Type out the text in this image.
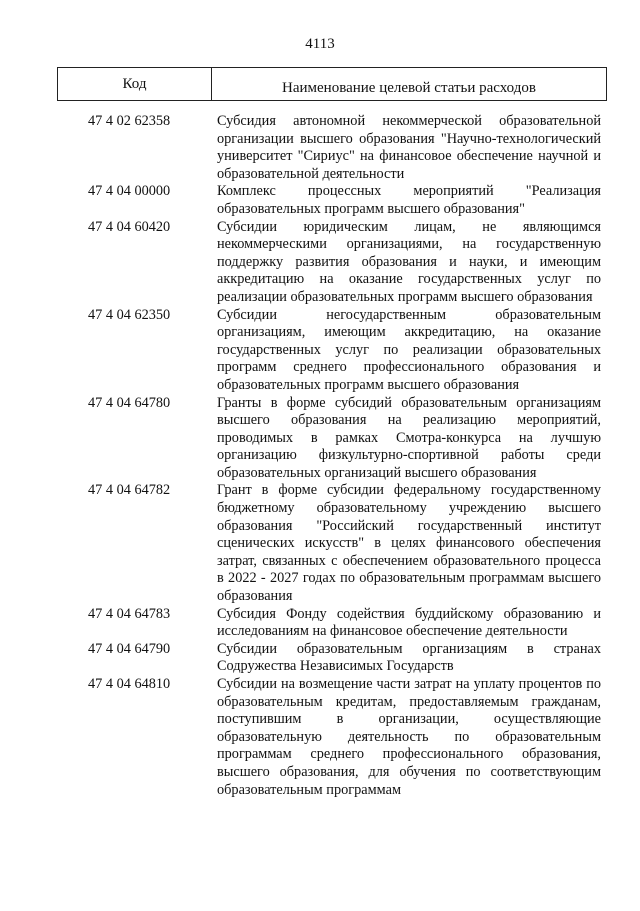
4113
Код	Наименование целевой статьи расходов
47 4 02 62358	Субсидия автономной некоммерческой образовательной организации высшего образования "Научно-технологический университет "Сириус" на финансовое обеспечение научной и образовательной деятельности
47 4 04 00000	Комплекс процессных мероприятий "Реализация образовательных программ высшего образования"
47 4 04 60420	Субсидии юридическим лицам, не являющимся некоммерческими организациями, на государственную поддержку развития образования и науки, и имеющим аккредитацию на оказание государственных услуг по реализации образовательных программ высшего образования
47 4 04 62350	Субсидии негосударственным образовательным организациям, имеющим аккредитацию, на оказание государственных услуг по реализации образовательных программ среднего профессионального образования и образовательных программ высшего образования
47 4 04 64780	Гранты в форме субсидий образовательным организациям высшего образования на реализацию мероприятий, проводимых в рамках Смотра-конкурса на лучшую организацию физкультурно-спортивной работы среди образовательных организаций высшего образования
47 4 04 64782	Грант в форме субсидии федеральному государственному бюджетному образовательному учреждению высшего образования "Российский государственный институт сценических искусств" в целях финансового обеспечения затрат, связанных с обеспечением образовательного процесса в 2022 - 2027 годах по образовательным программам высшего образования
47 4 04 64783	Субсидия Фонду содействия буддийскому образованию и исследованиям на финансовое обеспечение деятельности
47 4 04 64790	Субсидии образовательным организациям в странах Содружества Независимых Государств
47 4 04 64810	Субсидии на возмещение части затрат на уплату процентов по образовательным кредитам, предоставляемым гражданам, поступившим в организации, осуществляющие образовательную деятельность по образовательным программам среднего профессионального образования, высшего образования, для обучения по соответствующим образовательным программам
